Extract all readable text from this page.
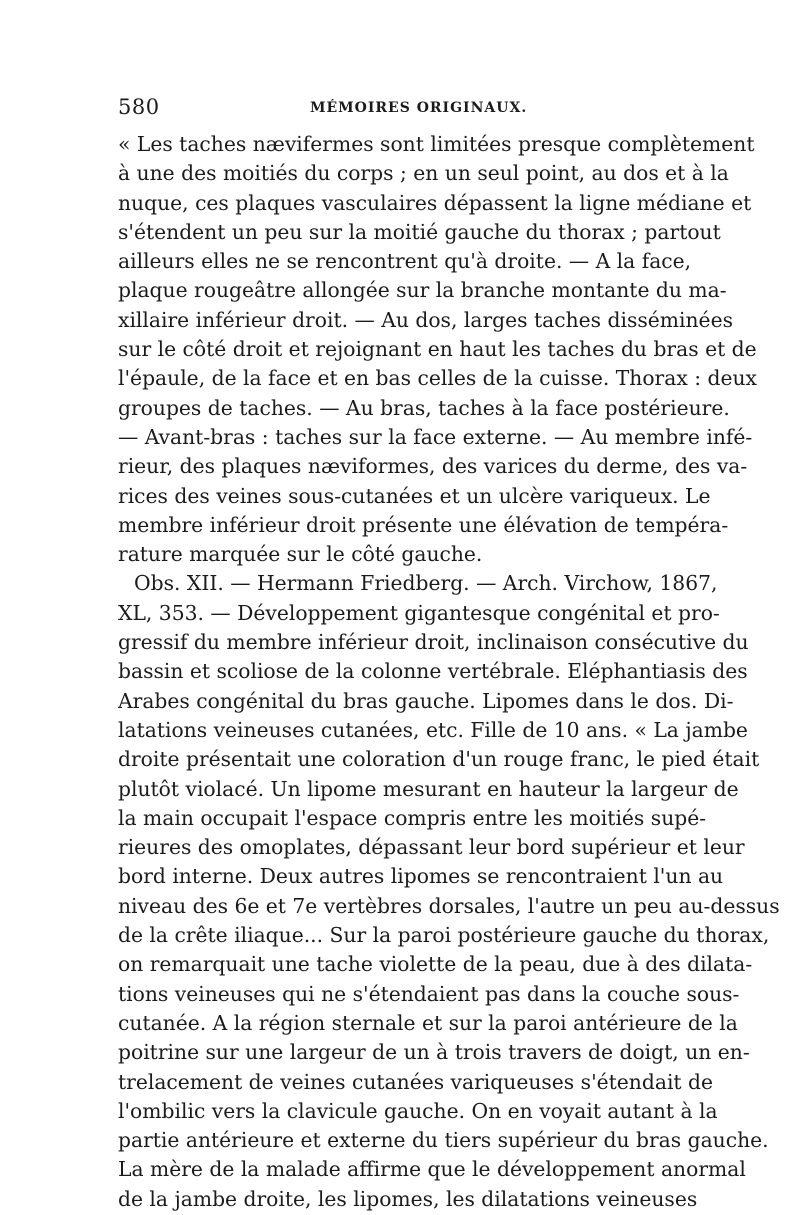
580	MÉMOIRES ORIGINAUX.
« Les taches nævifermes sont limitées presque complètement
à une des moitiés du corps ; en un seul point, au dos et à la
nuque, ces plaques vasculaires dépassent la ligne médiane et
s'étendent un peu sur la moitié gauche du thorax ; partout
ailleurs elles ne se rencontrent qu'à droite. — A la face,
plaque rougeâtre allongée sur la branche montante du ma-
xillaire inférieur droit. — Au dos, larges taches disséminées
sur le côté droit et rejoignant en haut les taches du bras et de
l'épaule, de la face et en bas celles de la cuisse. Thorax : deux
groupes de taches. — Au bras, taches à la face postérieure.
— Avant-bras : taches sur la face externe. — Au membre infé-
rieur, des plaques næviformes, des varices du derme, des va-
rices des veines sous-cutanées et un ulcère variqueux. Le
membre inférieur droit présente une élévation de tempéra-
rature marquée sur le côté gauche.
Obs. XII. — Hermann Friedberg. — Arch. Virchow, 1867,
XL, 353. — Développement gigantesque congénital et pro-
gressif du membre inférieur droit, inclinaison consécutive du
bassin et scoliose de la colonne vertébrale. Eléphantiasis des
Arabes congénital du bras gauche. Lipomes dans le dos. Di-
latations veineuses cutanées, etc. Fille de 10 ans. « La jambe
droite présentait une coloration d'un rouge franc, le pied était
plutôt violacé. Un lipome mesurant en hauteur la largeur de
la main occupait l'espace compris entre les moitiés supé-
rieures des omoplates, dépassant leur bord supérieur et leur
bord interne. Deux autres lipomes se rencontraient l'un au
niveau des 6e et 7e vertèbres dorsales, l'autre un peu au-dessus
de la crête iliaque... Sur la paroi postérieure gauche du thorax,
on remarquait une tache violette de la peau, due à des dilata-
tions veineuses qui ne s'étendaient pas dans la couche sous-
cutanée. A la région sternale et sur la paroi antérieure de la
poitrine sur une largeur de un à trois travers de doigt, un en-
trelacement de veines cutanées variqueuses s'étendait de
l'ombilic vers la clavicule gauche. On en voyait autant à la
partie antérieure et externe du tiers supérieur du bras gauche.
La mère de la malade affirme que le développement anormal
de la jambe droite, les lipomes, les dilatations veineuses
